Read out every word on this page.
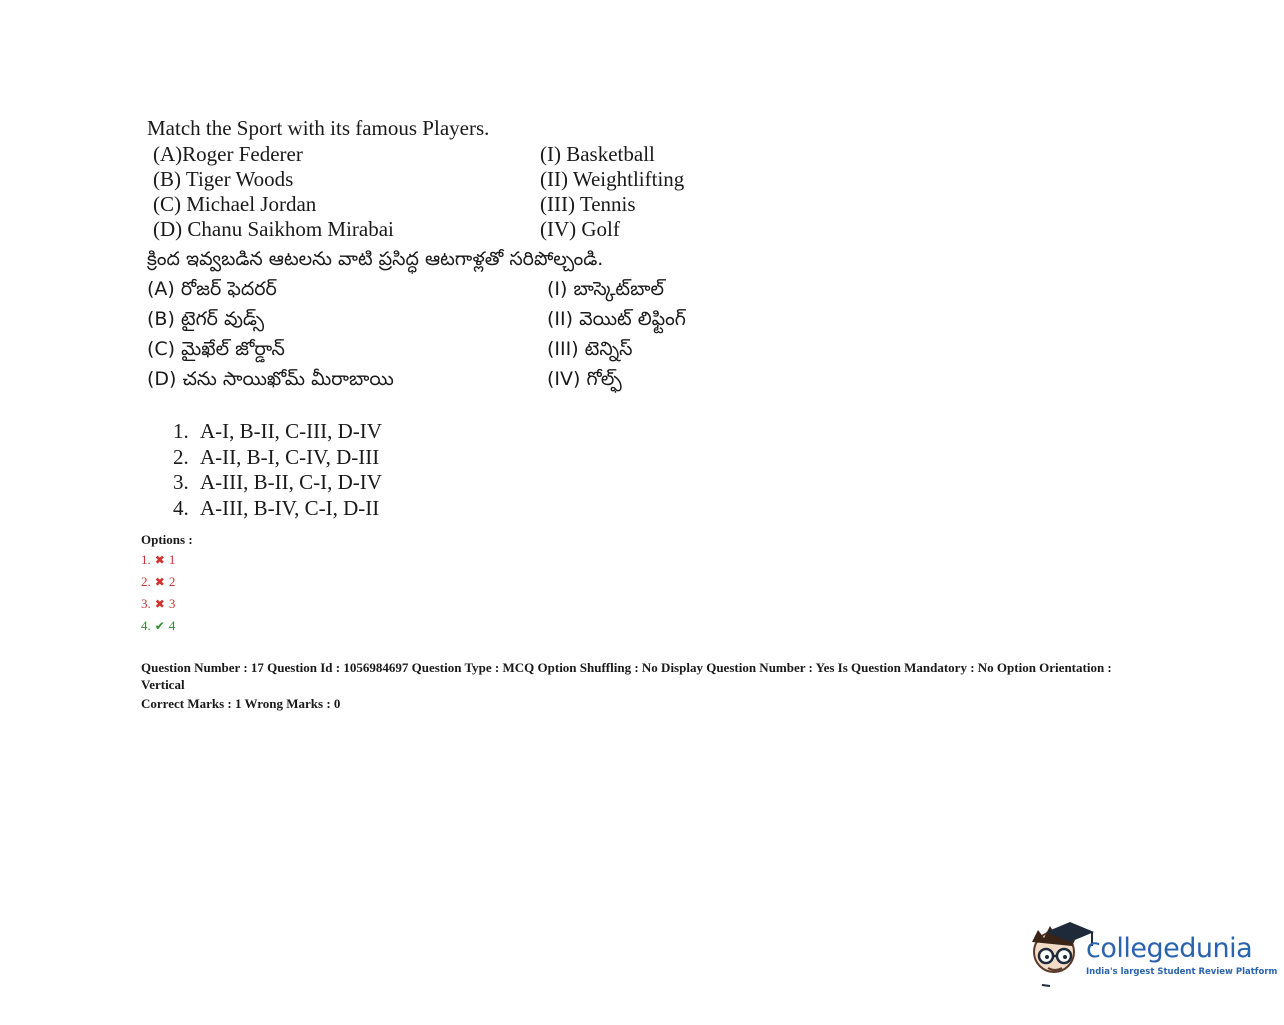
Match the Sport with its famous Players.
(A)Roger Federer	(I) Basketball
(B) Tiger Woods	(II) Weightlifting
(C) Michael Jordan	(III) Tennis
(D) Chanu Saikhom Mirabai	(IV) Golf
క్రింద ఇవ్వబడిన ఆటలను వాటి ప్రసిద్ధ ఆటగాళ్లతో సరిపోల్చండి.
(A) రోజర్ ఫెదరర్	(I) బాస్కెట్‌బాల్
(B) టైగర్ వుడ్స్	(II) వెయిట్ లిఫ్టింగ్
(C) మైఖేల్ జోర్డాన్	(III) టెన్నిస్
(D) చను సాయిఖోమ్ మీరాబాయి	(IV) గోల్ఫ్
1. A-I, B-II, C-III, D-IV
2. A-II, B-I, C-IV, D-III
3. A-III, B-II, C-I, D-IV
4. A-III, B-IV, C-I, D-II
Options :
1. ✖ 1
2. ✖ 2
3. ✖ 3
4. ✔ 4
Question Number : 17 Question Id : 1056984697 Question Type : MCQ Option Shuffling : No Display Question Number : Yes Is Question Mandatory : No Option Orientation : Vertical
Correct Marks : 1 Wrong Marks : 0
collegedunia
India's largest Student Review Platform
